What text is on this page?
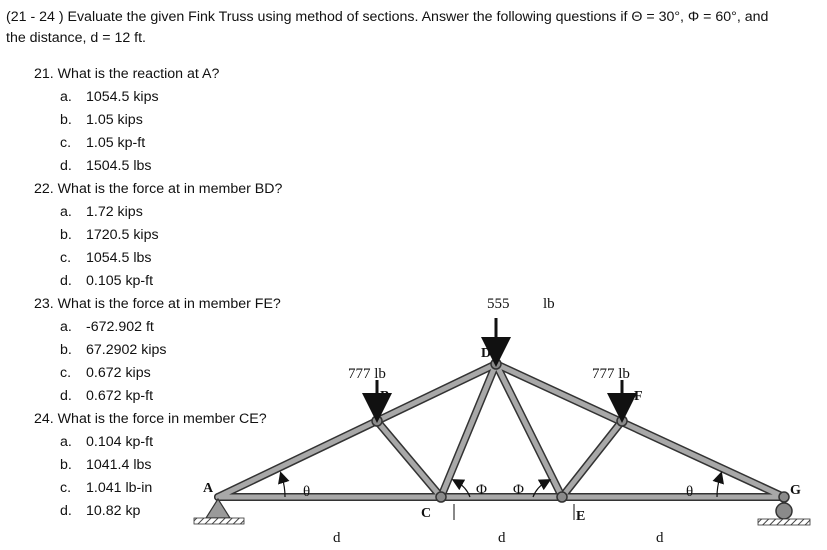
(21 - 24 ) Evaluate the given Fink Truss using method of sections. Answer the following questions if Θ = 30°, Φ = 60°, and
the distance, d = 12 ft.
21. What is the reaction at A?
a. 1054.5 kips
b. 1.05 kips
c. 1.05 kp-ft
d. 1504.5 lbs
22. What is the force at in member BD?
a. 1.72 kips
b. 1720.5 kips
c. 1054.5 lbs
d. 0.105 kp-ft
23. What is the force at in member FE?
a. -672.902 ft
b. 67.2902 kips
c. 0.672 kips
d. 0.672 kp-ft
24. What is the force in member CE?
a. 0.104 kp-ft
b. 1041.4 lbs
c. 1.041 lb-in
d. 10.82 kp
555 lb
777 lb	777 lb
A
B
C
D
E
F
G
θ	Φ Φ	θ
d	d	d
